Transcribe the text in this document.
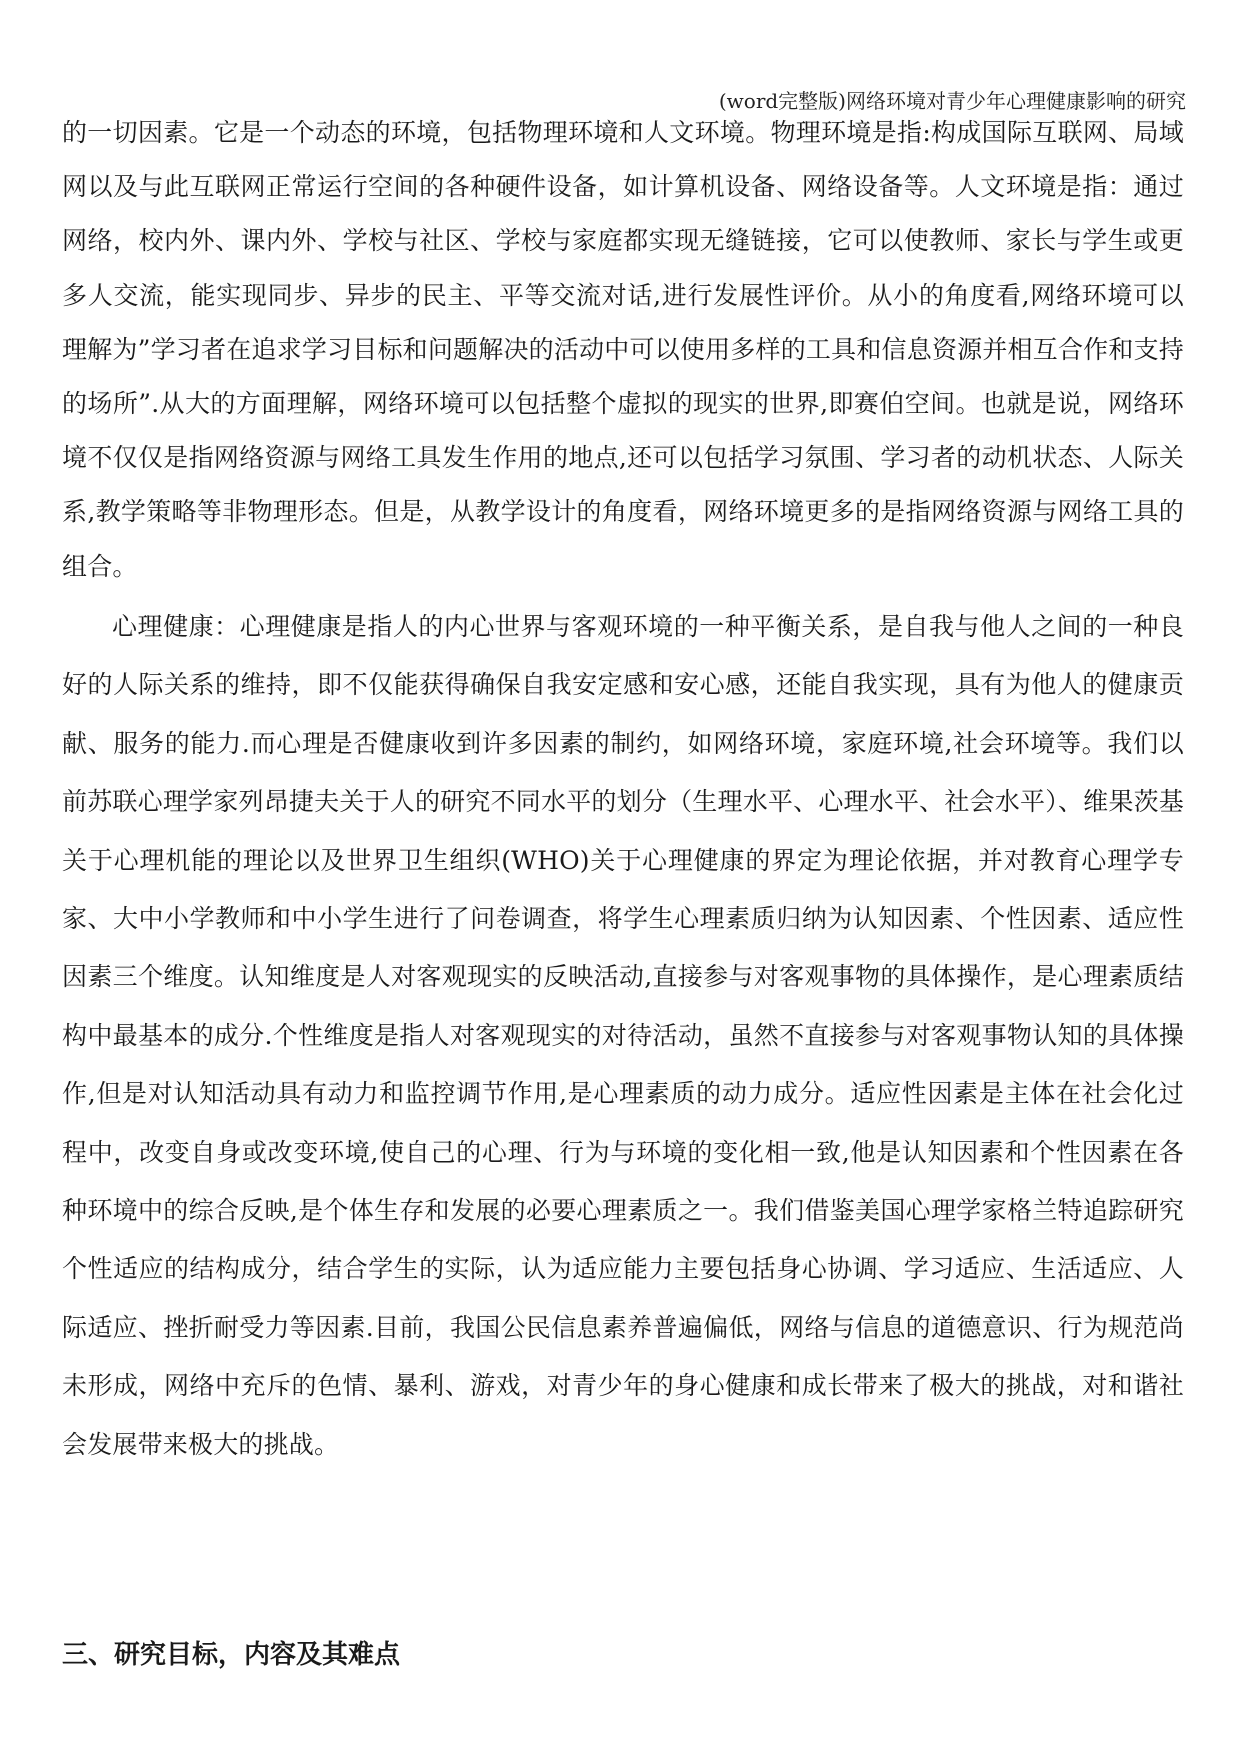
(word完整版)网络环境对青少年心理健康影响的研究

的一切因素。它是一个动态的环境，包括物理环境和人文环境。物理环境是指:构成国际互联网、局域网以及与此互联网正常运行空间的各种硬件设备，如计算机设备、网络设备等。人文环境是指：通过网络，校内外、课内外、学校与社区、学校与家庭都实现无缝链接，它可以使教师、家长与学生或更多人交流，能实现同步、异步的民主、平等交流对话,进行发展性评价。从小的角度看,网络环境可以理解为”学习者在追求学习目标和问题解决的活动中可以使用多样的工具和信息资源并相互合作和支持的场所”.从大的方面理解，网络环境可以包括整个虚拟的现实的世界,即赛伯空间。也就是说，网络环境不仅仅是指网络资源与网络工具发生作用的地点,还可以包括学习氛围、学习者的动机状态、人际关系,教学策略等非物理形态。但是，从教学设计的角度看，网络环境更多的是指网络资源与网络工具的组合。

心理健康：心理健康是指人的内心世界与客观环境的一种平衡关系，是自我与他人之间的一种良好的人际关系的维持，即不仅能获得确保自我安定感和安心感，还能自我实现，具有为他人的健康贡献、服务的能力.而心理是否健康收到许多因素的制约，如网络环境，家庭环境,社会环境等。我们以前苏联心理学家列昂捷夫关于人的研究不同水平的划分（生理水平、心理水平、社会水平）、维果茨基关于心理机能的理论以及世界卫生组织(WHO)关于心理健康的界定为理论依据，并对教育心理学专家、大中小学教师和中小学生进行了问卷调查，将学生心理素质归纳为认知因素、个性因素、适应性因素三个维度。认知维度是人对客观现实的反映活动,直接参与对客观事物的具体操作，是心理素质结构中最基本的成分.个性维度是指人对客观现实的对待活动，虽然不直接参与对客观事物认知的具体操作,但是对认知活动具有动力和监控调节作用,是心理素质的动力成分。适应性因素是主体在社会化过程中，改变自身或改变环境,使自己的心理、行为与环境的变化相一致,他是认知因素和个性因素在各种环境中的综合反映,是个体生存和发展的必要心理素质之一。我们借鉴美国心理学家格兰特追踪研究个性适应的结构成分，结合学生的实际，认为适应能力主要包括身心协调、学习适应、生活适应、人际适应、挫折耐受力等因素.目前，我国公民信息素养普遍偏低，网络与信息的道德意识、行为规范尚未形成，网络中充斥的色情、暴利、游戏，对青少年的身心健康和成长带来了极大的挑战，对和谐社会发展带来极大的挑战。

三、研究目标，内容及其难点
